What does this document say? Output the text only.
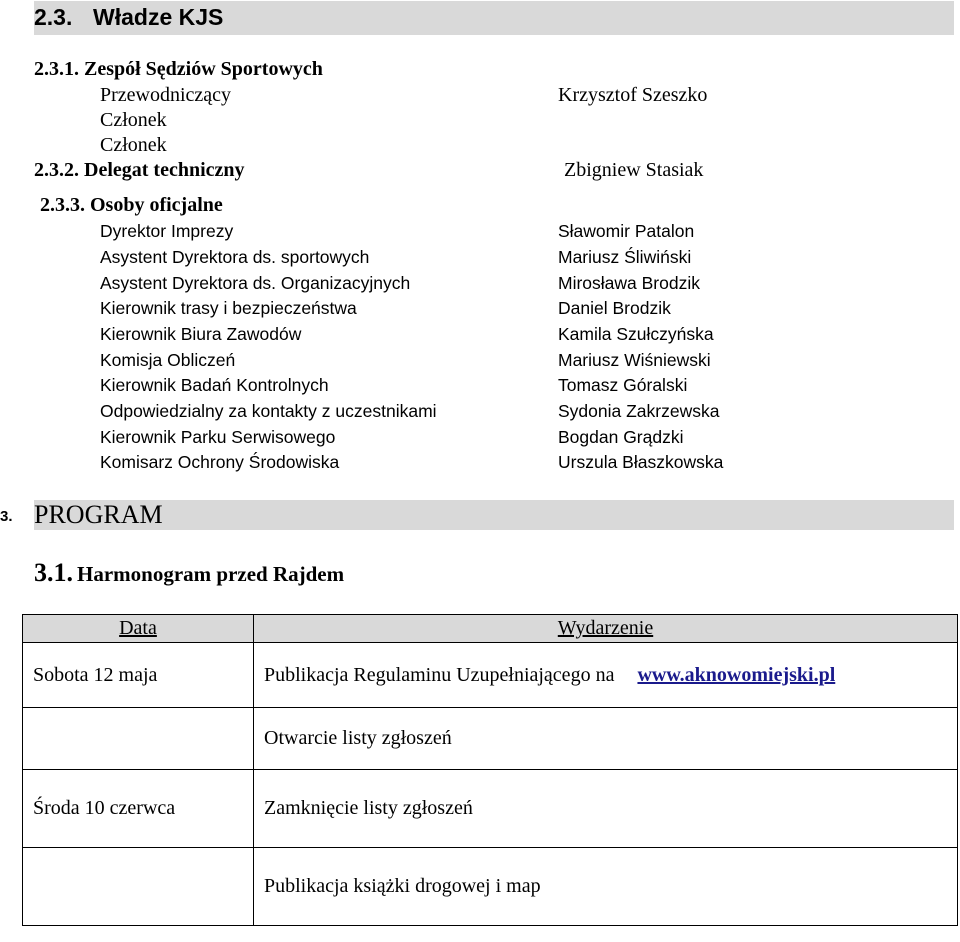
2.3. Władze KJS
2.3.1. Zespół Sędziów Sportowych
Przewodniczący	Krzysztof Szeszko
Członek
Członek
2.3.2. Delegat techniczny	Zbigniew Stasiak
2.3.3. Osoby oficjalne
Dyrektor Imprezy	Sławomir Patalon
Asystent Dyrektora ds. sportowych	Mariusz Śliwiński
Asystent Dyrektora ds. Organizacyjnych	Mirosława Brodzik
Kierownik trasy i bezpieczeństwa	Daniel Brodzik
Kierownik Biura Zawodów	Kamila Szułczyńska
Komisja Obliczeń	Mariusz Wiśniewski
Kierownik Badań Kontrolnych	Tomasz Góralski
Odpowiedzialny za kontakty z uczestnikami	Sydonia Zakrzewska
Kierownik Parku Serwisowego	Bogdan Grądzki
Komisarz Ochrony Środowiska	Urszula Błaszkowska
3. PROGRAM
3.1. Harmonogram przed Rajdem
Data	Wydarzenie
Sobota 12 maja	Publikacja Regulaminu Uzupełniającego na www.aknowomiejski.pl
	Otwarcie listy zgłoszeń
Środa 10 czerwca	Zamknięcie listy zgłoszeń
	Publikacja książki drogowej i map
